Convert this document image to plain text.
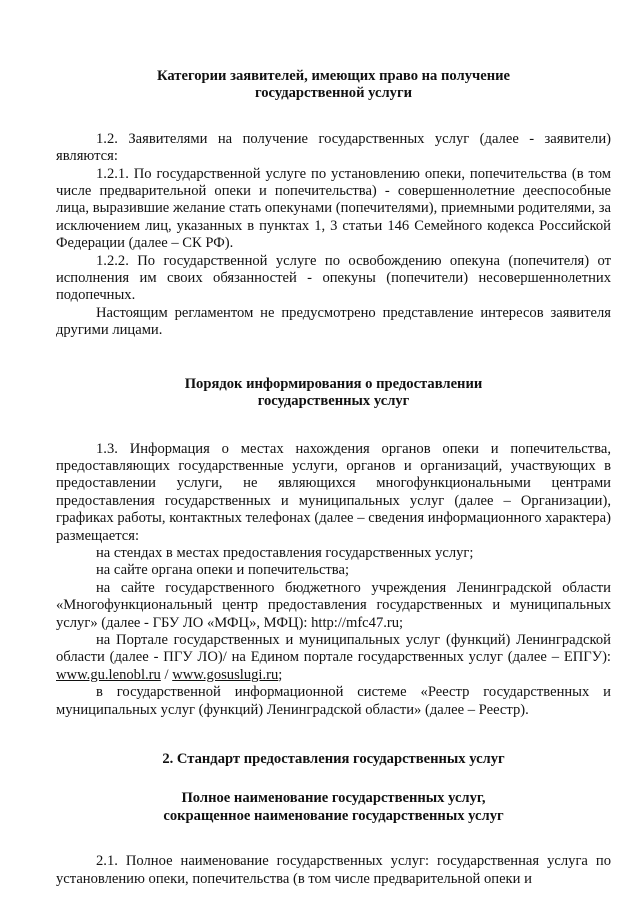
Категории заявителей, имеющих право на получение
государственной услуги
1.2. Заявителями на получение государственных услуг (далее - заявители) являются:
1.2.1. По государственной услуге по установлению опеки, попечительства (в том числе предварительной опеки и попечительства) - совершеннолетние дееспособные лица, выразившие желание стать опекунами (попечителями), приемными родителями, за исключением лиц, указанных в пунктах 1, 3 статьи 146 Семейного кодекса Российской Федерации (далее – СК РФ).
1.2.2. По государственной услуге по освобождению опекуна (попечителя) от исполнения им своих обязанностей - опекуны (попечители) несовершеннолетних подопечных.
Настоящим регламентом не предусмотрено представление интересов заявителя другими лицами.
Порядок информирования о предоставлении
государственных услуг
1.3. Информация о местах нахождения органов опеки и попечительства, предоставляющих государственные услуги, органов и организаций, участвующих в предоставлении услуги, не являющихся многофункциональными центрами предоставления государственных и муниципальных услуг (далее – Организации), графиках работы, контактных телефонах (далее – сведения информационного характера) размещается:
на стендах в местах предоставления государственных услуг;
на сайте органа опеки и попечительства;
на сайте государственного бюджетного учреждения Ленинградской области «Многофункциональный центр предоставления государственных и муниципальных услуг» (далее - ГБУ ЛО «МФЦ», МФЦ): http://mfc47.ru;
на Портале государственных и муниципальных услуг (функций) Ленинградской области (далее - ПГУ ЛО)/ на Едином портале государственных услуг (далее – ЕПГУ): www.gu.lenobl.ru / www.gosuslugi.ru;
в государственной информационной системе «Реестр государственных и муниципальных услуг (функций) Ленинградской области» (далее – Реестр).
2. Стандарт предоставления государственных услуг
Полное наименование государственных услуг,
сокращенное наименование государственных услуг
2.1. Полное наименование государственных услуг: государственная услуга по установлению опеки, попечительства (в том числе предварительной опеки и
